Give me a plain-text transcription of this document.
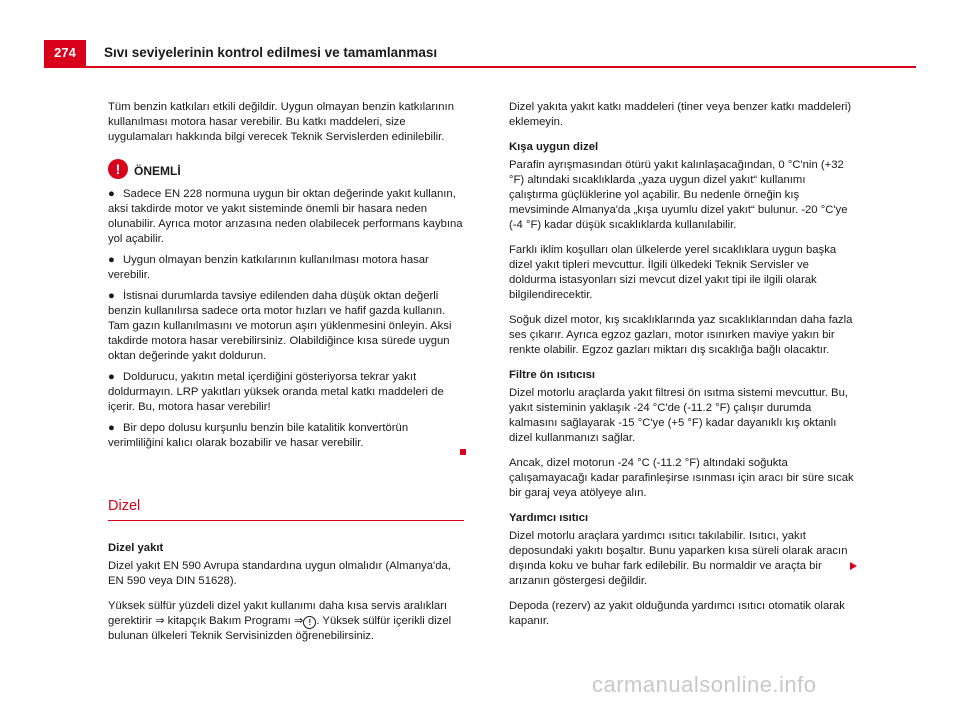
274	Sıvı seviyelerinin kontrol edilmesi ve tamamlanması

Tüm benzin katkıları etkili değildir. Uygun olmayan benzin katkılarının kullanılması motora hasar verebilir. Bu katkı maddeleri, size uygulamaları hakkında bilgi verecek Teknik Servislerden edinilebilir.

!	ÖNEMLİ

● Sadece EN 228 normuna uygun bir oktan değerinde yakıt kullanın, aksi takdirde motor ve yakıt sisteminde önemli bir hasara neden olunabilir. Ayrıca motor arızasına neden olabilecek performans kaybına yol açabilir.

● Uygun olmayan benzin katkılarının kullanılması motora hasar verebilir.

● İstisnai durumlarda tavsiye edilenden daha düşük oktan değerli benzin kullanılırsa sadece orta motor hızları ve hafif gazda kullanın. Tam gazın kullanılmasını ve motorun aşırı yüklenmesini önleyin. Aksi takdirde motora hasar verebilirsiniz. Olabildiğince kısa sürede uygun oktan değerinde yakıt doldurun.

● Doldurucu, yakıtın metal içerdiğini gösteriyorsa tekrar yakıt doldurmayın. LRP yakıtları yüksek oranda metal katkı maddeleri de içerir. Bu, motora hasar verebilir!

● Bir depo dolusu kurşunlu benzin bile katalitik konvertörün verimliliğini kalıcı olarak bozabilir ve hasar verebilir.

Dizel
Dizel yakıt

Dizel yakıt EN 590 Avrupa standardına uygun olmalıdır (Almanya'da, EN 590 veya DIN 51628).

Yüksek sülfür yüzdeli dizel yakıt kullanımı daha kısa servis aralıkları gerektirir ⇒ kitapçık Bakım Programı ⇒ ! . Yüksek sülfür içerikli dizel bulunan ülkeleri Teknik Servisinizden öğrenebilirsiniz.

Dizel yakıta yakıt katkı maddeleri (tiner veya benzer katkı maddeleri) eklemeyin.

Kışa uygun dizel

Parafin ayrışmasından ötürü yakıt kalınlaşacağından, 0 °C'nin (+32 °F) altındaki sıcaklıklarda „yaza uygun dizel yakıt“ kullanımı çalıştırma güçlüklerine yol açabilir. Bu nedenle örneğin kış mevsiminde Almanya'da „kışa uyumlu dizel yakıt“ bulunur. -20 °C'ye (-4 °F) kadar düşük sıcaklıklarda kullanılabilir.

Farklı iklim koşulları olan ülkelerde yerel sıcaklıklara uygun başka dizel yakıt tipleri mevcuttur. İlgili ülkedeki Teknik Servisler ve doldurma istasyonları sizi mevcut dizel yakıt tipi ile ilgili olarak bilgilendirecektir.

Soğuk dizel motor, kış sıcaklıklarında yaz sıcaklıklarından daha fazla ses çıkarır. Ayrıca egzoz gazları, motor ısınırken maviye yakın bir renkte olabilir. Egzoz gazları miktarı dış sıcaklığa bağlı olacaktır.

Filtre ön ısıtıcısı

Dizel motorlu araçlarda yakıt filtresi ön ısıtma sistemi mevcuttur. Bu, yakıt sisteminin yaklaşık -24 °C'de (-11.2 °F) çalışır durumda kalmasını sağlayarak -15 °C'ye (+5 °F) kadar dayanıklı kış oktanlı dizel kullanmanızı sağlar.

Ancak, dizel motorun -24 °C (-11.2 °F) altındaki soğukta çalışamayacağı kadar parafinleşirse ısınması için aracı bir süre sıcak bir garaj veya atölyeye alın.

Yardımcı ısıtıcı

Dizel motorlu araçlara yardımcı ısıtıcı takılabilir. Isıtıcı, yakıt deposundaki yakıtı boşaltır. Bunu yaparken kısa süreli olarak aracın dışında koku ve buhar fark edilebilir. Bu normaldir ve araçta bir arızanın göstergesi değildir.

Depoda (rezerv) az yakıt olduğunda yardımcı ısıtıcı otomatik olarak kapanır.

carmanualsonline.info
